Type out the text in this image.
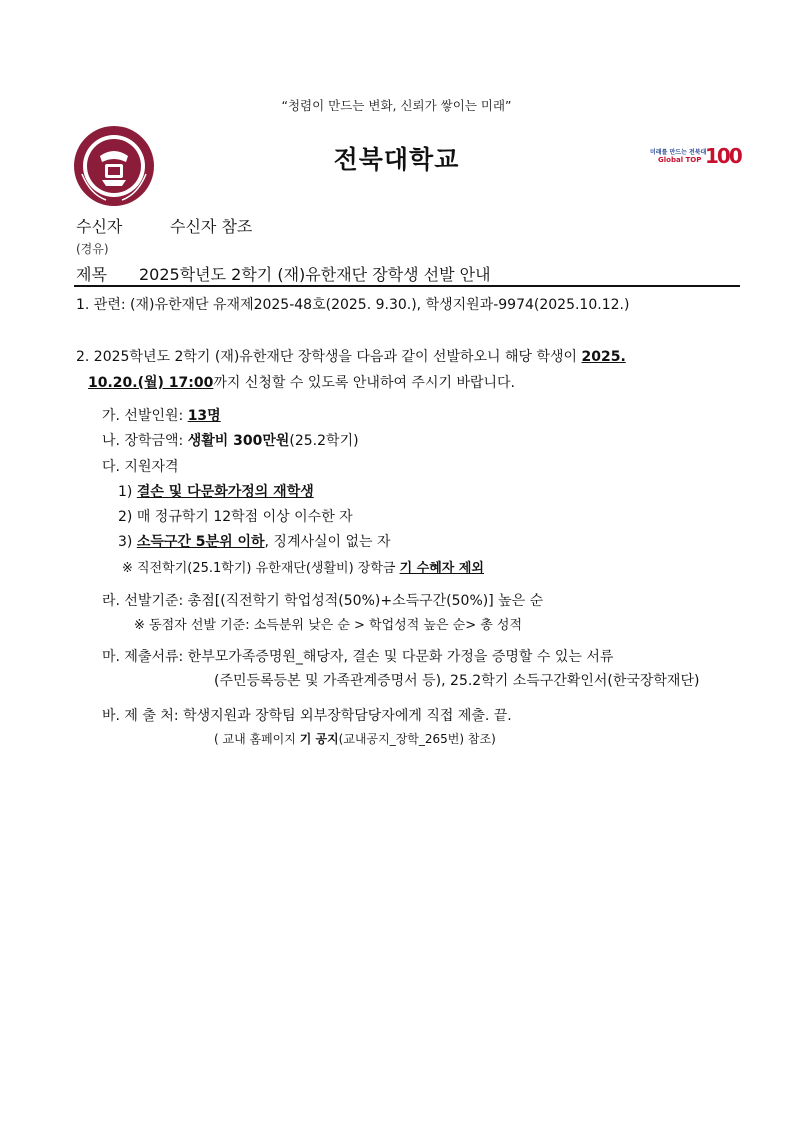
“청렴이 만드는 변화, 신뢰가 쌓이는 미래”
전북대학교	미래를 만드는 전북대
Global TOP 100
수신자	수신자 참조
(경유)
제목 2025학년도 2학기 (재)유한재단 장학생 선발 안내
1. 관련: (재)유한재단 유재제2025-48호(2025. 9.30.), 학생지원과-9974(2025.10.12.)
2. 2025학년도 2학기 (재)유한재단 장학생을 다음과 같이 선발하오니 해당 학생이 2025.
10.20.(월) 17:00까지 신청할 수 있도록 안내하여 주시기 바랍니다.
가. 선발인원: 13명
나. 장학금액: 생활비 300만원(25.2학기)
다. 지원자격
1) 결손 및 다문화가정의 재학생
2) 매 정규학기 12학점 이상 이수한 자
3) 소득구간 5분위 이하, 징계사실이 없는 자
※ 직전학기(25.1학기) 유한재단(생활비) 장학금 기 수혜자 제외
라. 선발기준: 총점[(직전학기 학업성적(50%)+소득구간(50%)] 높은 순
※ 동점자 선발 기준: 소득분위 낮은 순 > 학업성적 높은 순> 총 성적
마. 제출서류: 한부모가족증명원_해당자, 결손 및 다문화 가정을 증명할 수 있는 서류
(주민등록등본 및 가족관계증명서 등), 25.2학기 소득구간확인서(한국장학재단)
바. 제 출 처: 학생지원과 장학팀 외부장학담당자에게 직접 제출. 끝.
( 교내 홈페이지 기 공지(교내공지_장학_265번) 참조)
